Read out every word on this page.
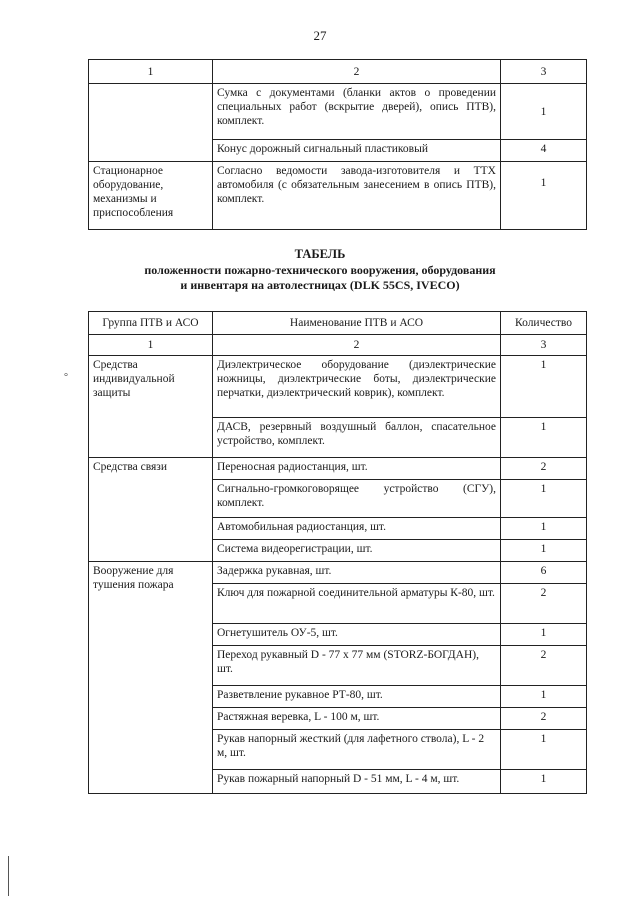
27
1	2	3
	Сумка с документами (бланки актов о проведении специальных работ (вскрытие дверей), опись ПТВ), комплект.	1
	Конус дорожный сигнальный пластиковый	4
Стационарное оборудование, механизмы и приспособления	Согласно ведомости завода-изготовителя и ТТХ автомобиля (с обязательным занесением в опись ПТВ), комплект.	1
ТАБЕЛЬ
положенности пожарно-технического вооружения, оборудования
и инвентаря на автолестницах (DLK 55CS, IVECO)
Группа ПТВ и АСО	Наименование ПТВ и АСО	Количество
1	2	3
Средства индивидуальной защиты	Диэлектрическое оборудование (диэлектрические ножницы, диэлектрические боты, диэлектрические перчатки, диэлектрический коврик), комплект.	1
	ДАСВ, резервный воздушный баллон, спасательное устройство, комплект.	1
Средства связи	Переносная радиостанция, шт.	2
	Сигнально-громкоговорящее устройство (СГУ), комплект.	1
	Автомобильная радиостанция, шт.	1
	Система видеорегистрации, шт.	1
Вооружение для тушения пожара	Задержка рукавная, шт.	6
	Ключ для пожарной соединительной арматуры К-80, шт.	2
	Огнетушитель ОУ-5, шт.	1
	Переход рукавный D - 77 х 77 мм (STORZ-БОГДАН), шт.	2
	Разветвление рукавное РТ-80, шт.	1
	Растяжная веревка, L - 100 м, шт.	2
	Рукав напорный жесткий (для лафетного ствола), L - 2 м, шт.	1
	Рукав пожарный напорный D - 51 мм, L - 4 м, шт.	1
°
